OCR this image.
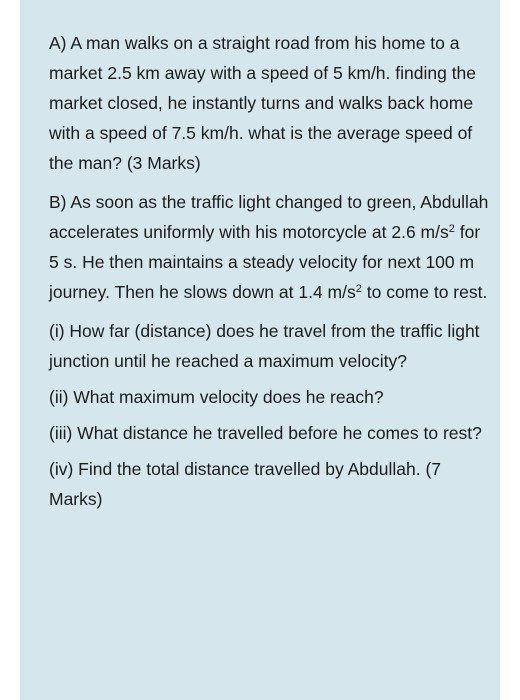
A) A man walks on a straight road from his home to a market 2.5 km away with a speed of 5 km/h. finding the market closed, he instantly turns and walks back home with a speed of 7.5 km/h. what is the average speed of the man? (3 Marks)

B) As soon as the traffic light changed to green, Abdullah accelerates uniformly with his motorcycle at 2.6 $m/s^2$ for 5 s. He then maintains a steady velocity for next 100 m journey. Then he slows down at 1.4 $m/s^2$ to come to rest.

(i) How far (distance) does he travel from the traffic light junction until he reached a maximum velocity?

(ii) What maximum velocity does he reach?

(iii) What distance he travelled before he comes to rest?

(iv) Find the total distance travelled by Abdullah. (7 Marks)
